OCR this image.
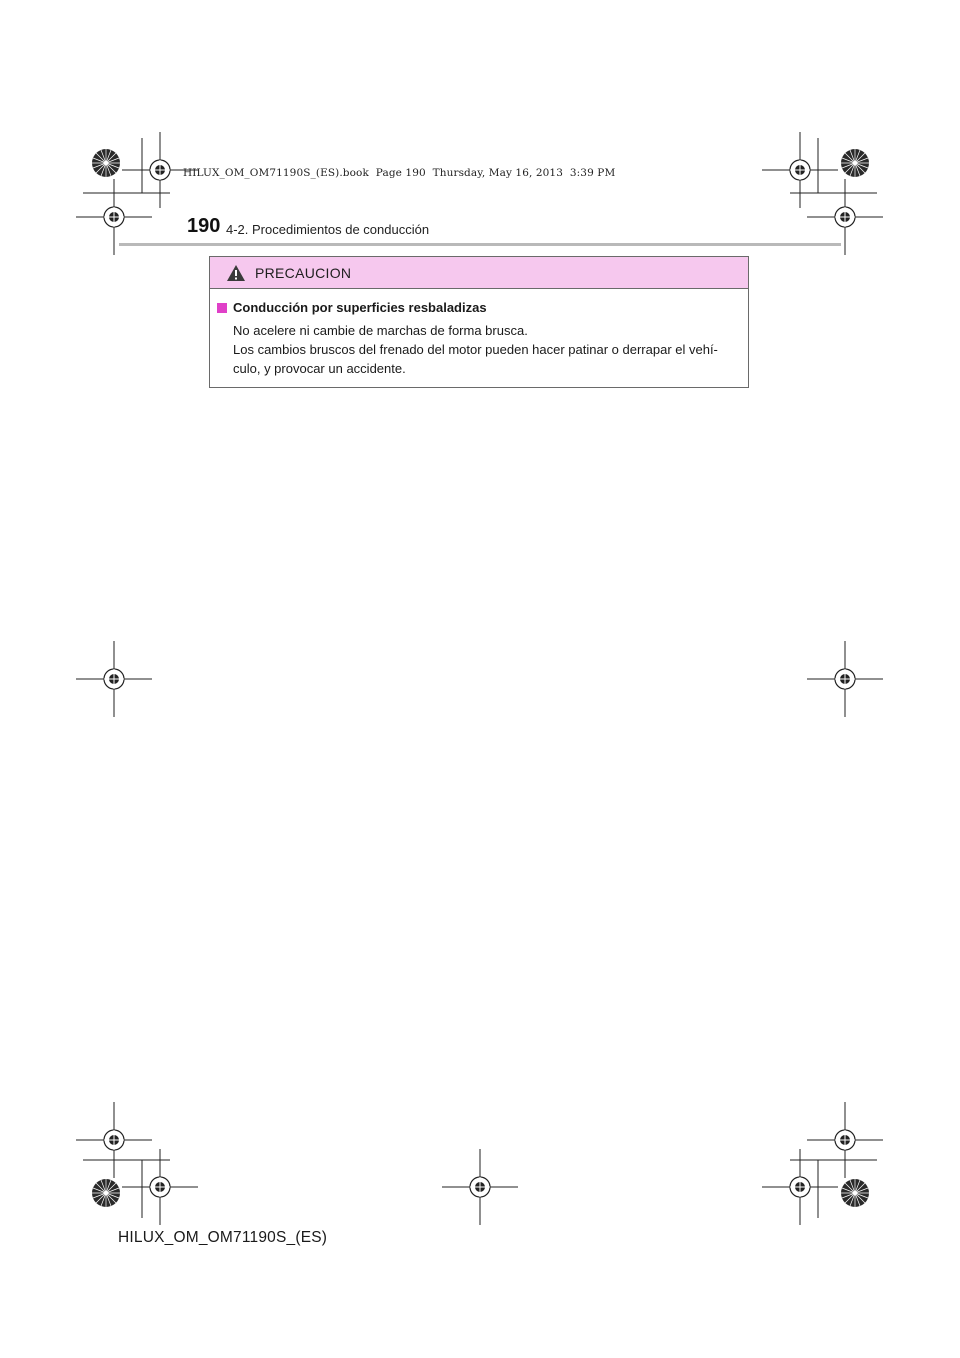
HILUX_OM_OM71190S_(ES).book  Page 190  Thursday, May 16, 2013  3:39 PM
190 4-2. Procedimientos de conducción
PRECAUCION
Conducción por superficies resbaladizas

No acelere ni cambie de marchas de forma brusca.

Los cambios bruscos del frenado del motor pueden hacer patinar o derrapar el vehí-

culo, y provocar un accidente.

HILUX_OM_OM71190S_(ES)
